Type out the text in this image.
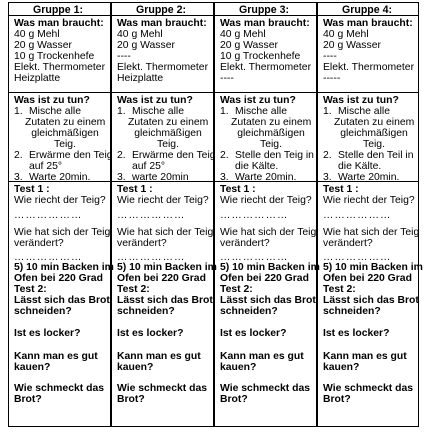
Gruppe 1:
Was man braucht:
40 g Mehl
20 g Wasser
10 g Trockenhefe
Elekt. Thermometer
Heizplatte
Was ist zu tun?
1. Mische alle
Zutaten zu einem
gleichmäßigen
Teig.
2. Erwärme den Teig
auf 25°
3. Warte 20min.
Test 1 :
Wie riecht der Teig?
………………
Wie hat sich der Teig
verändert?
………………
5) 10 min Backen im
Ofen bei 220 Grad
Test 2:
Lässt sich das Brot
schneiden?
Ist es locker?
Kann man es gut
kauen?
Wie schmeckt das
Brot?
Gruppe 2:
Was man braucht:
40 g Mehl
20 g Wasser
----
Elekt. Thermometer
Heizplatte
Was ist zu tun?
1. Mische alle
Zutaten zu einem
gleichmäßigen
Teig.
2. Erwärme den Teig
auf 25°
3. warte 20min
Test 1 :
Wie riecht der Teig?
………………
Wie hat sich der Teig
verändert?
………………
5) 10 min Backen im
Ofen bei 220 Grad
Test 2:
Lässt sich das Brot
schneiden?
Ist es locker?
Kann man es gut
kauen?
Wie schmeckt das
Brot?
Gruppe 3:
Was man braucht:
40 g Mehl
20 g Wasser
10 g Trockenhefe
Elekt. Thermometer
----
Was ist zu tun?
1. Mische alle
Zutaten zu einem
gleichmäßigen
Teig.
2. Stelle den Teig in
die Kälte.
3. Warte 20min.
Test 1 :
Wie riecht der Teig?
………………
Wie hat sich der Teig
verändert?
………………
5) 10 min Backen im
Ofen bei 220 Grad
Test 2:
Lässt sich das Brot
schneiden?
Ist es locker?
Kann man es gut
kauen?
Wie schmeckt das
Brot?
Gruppe 4:
Was man braucht:
40 g Mehl
20 g Wasser
----
Elekt. Thermometer
-----
Was ist zu tun?
1. Mische alle
Zutaten zu einem
gleichmäßigen
Teig.
2. Stelle den Teil in
die Kälte.
3. Warte 20min.
Test 1 :
Wie riecht der Teig?
………………
Wie hat sich der Teig
verändert?
………………
5) 10 min Backen im
Ofen bei 220 Grad
Test 2:
Lässt sich das Brot
schneiden?
Ist es locker?
Kann man es gut
kauen?
Wie schmeckt das
Brot?
